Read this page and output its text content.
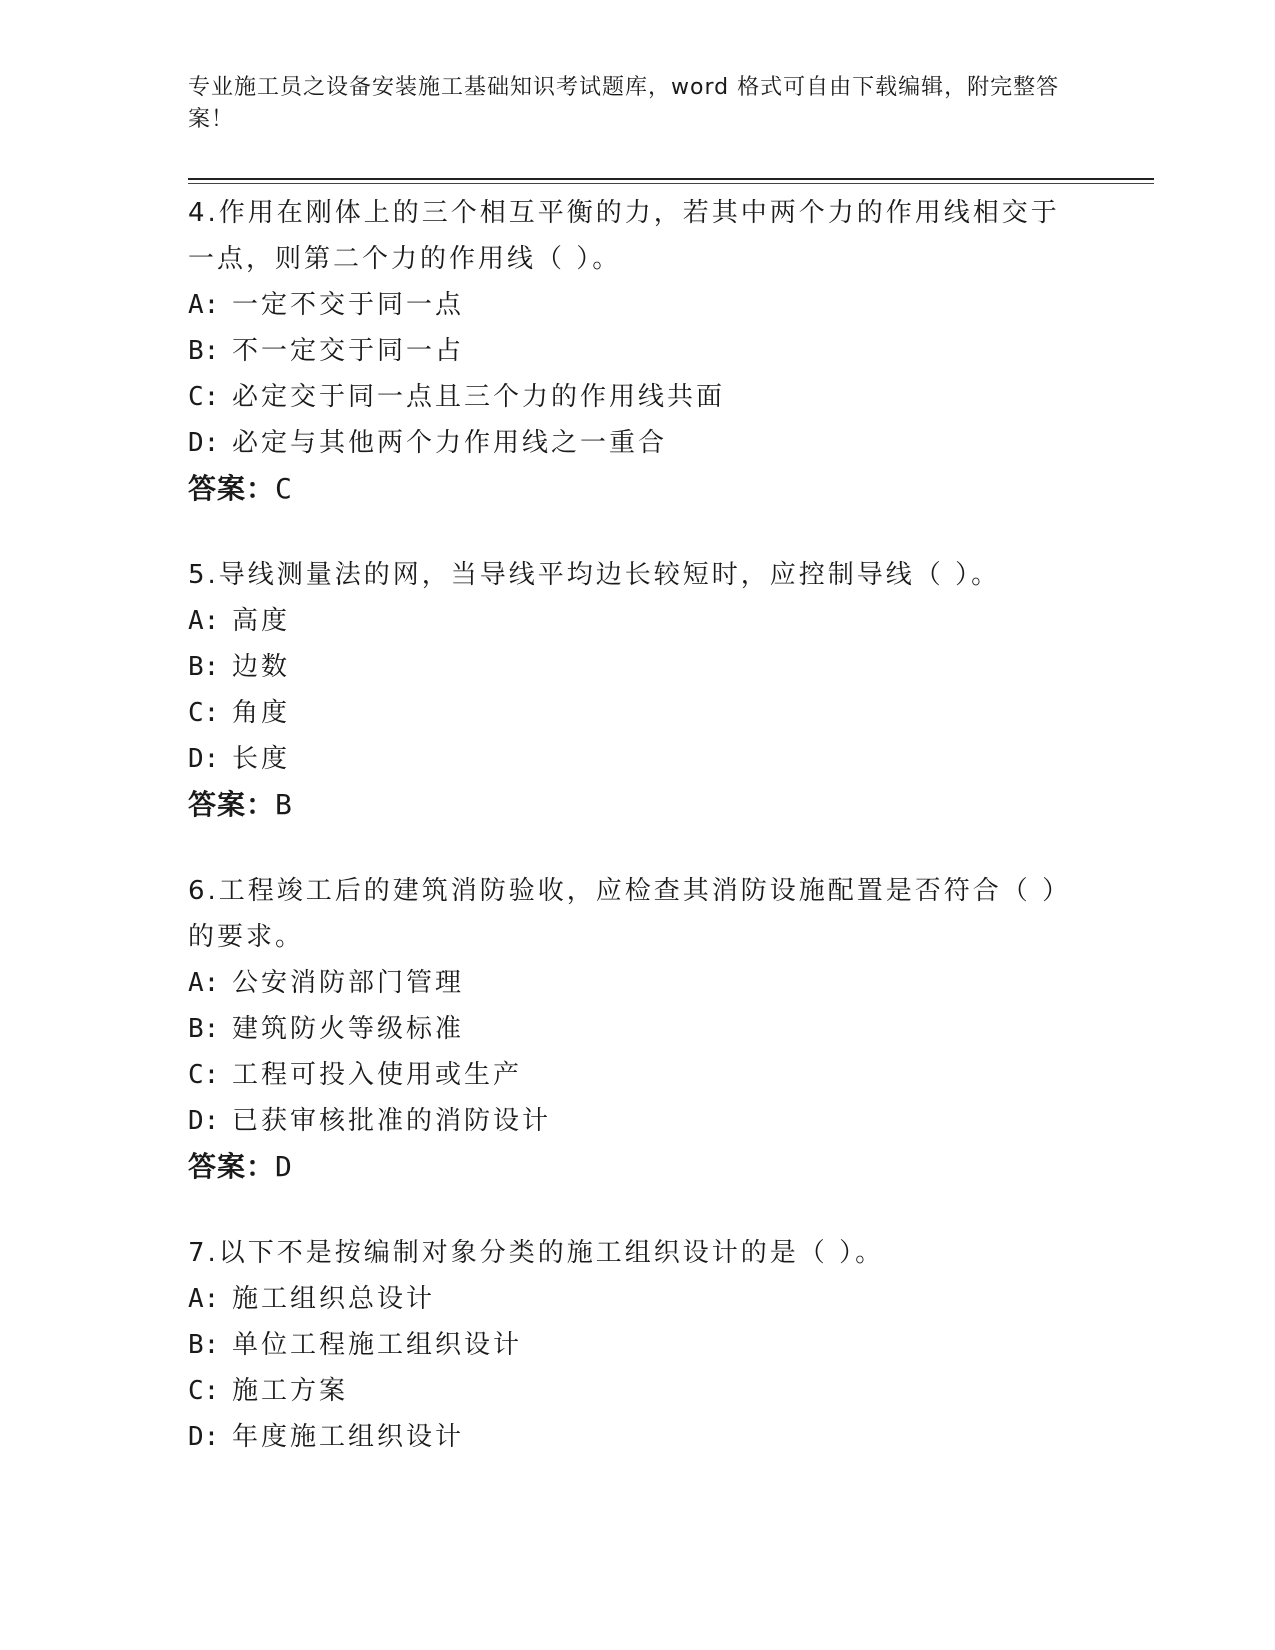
专业施工员之设备安装施工基础知识考试题库，word 格式可自由下载编辑，附完整答案！
4.作用在刚体上的三个相互平衡的力，若其中两个力的作用线相交于一点，则第二个力的作用线（ ）。
A: 一定不交于同一点
B: 不一定交于同一占
C: 必定交于同一点且三个力的作用线共面
D: 必定与其他两个力作用线之一重合
答案：C
5.导线测量法的网，当导线平均边长较短时，应控制导线（ ）。
A: 高度
B: 边数
C: 角度
D: 长度
答案：B
6.工程竣工后的建筑消防验收，应检查其消防设施配置是否符合（ ）的要求。
A: 公安消防部门管理
B: 建筑防火等级标准
C: 工程可投入使用或生产
D: 已获审核批准的消防设计
答案：D
7.以下不是按编制对象分类的施工组织设计的是（ ）。
A: 施工组织总设计
B: 单位工程施工组织设计
C: 施工方案
D: 年度施工组织设计
